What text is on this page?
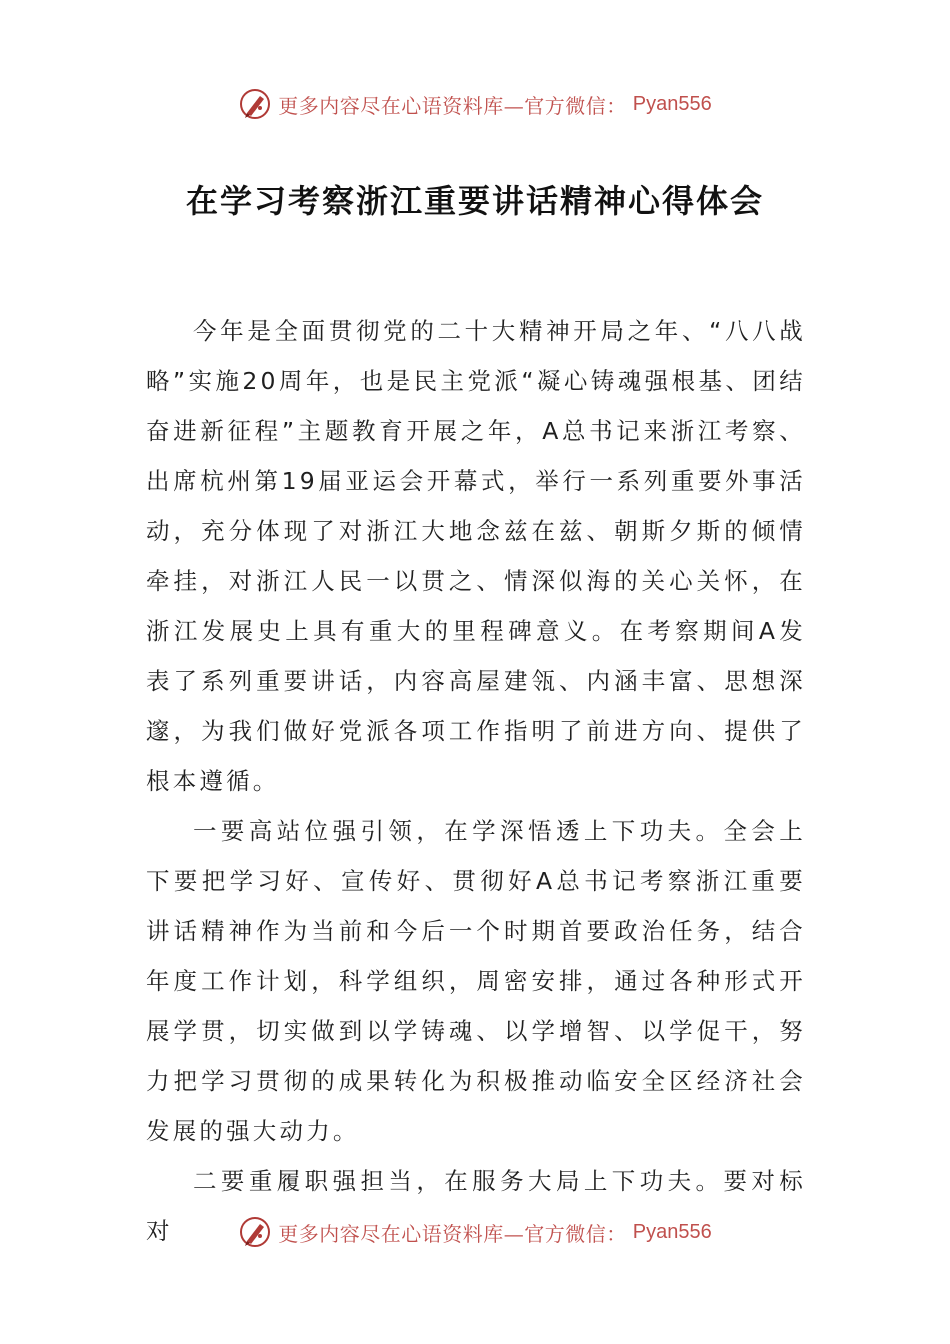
更多内容尽在心语资料库—官方微信： Pyan556
在学习考察浙江重要讲话精神心得体会

今年是全面贯彻党的二十大精神开局之年、“八八战略”实施20周年，也是民主党派“凝心铸魂强根基、团结奋进新征程”主题教育开展之年，A总书记来浙江考察、出席杭州第19届亚运会开幕式，举行一系列重要外事活动，充分体现了对浙江大地念兹在兹、朝斯夕斯的倾情牵挂，对浙江人民一以贯之、情深似海的关心关怀，在浙江发展史上具有重大的里程碑意义。在考察期间A发表了系列重要讲话，内容高屋建瓴、内涵丰富、思想深邃，为我们做好党派各项工作指明了前进方向、提供了根本遵循。

一要高站位强引领，在学深悟透上下功夫。全会上下要把学习好、宣传好、贯彻好A总书记考察浙江重要讲话精神作为当前和今后一个时期首要政治任务，结合年度工作计划，科学组织，周密安排，通过各种形式开展学贯，切实做到以学铸魂、以学增智、以学促干，努力把学习贯彻的成果转化为积极推动临安全区经济社会发展的强大动力。

二要重履职强担当，在服务大局上下功夫。要对标对	更多内容尽在心语资料库—官方微信： Pyan556
